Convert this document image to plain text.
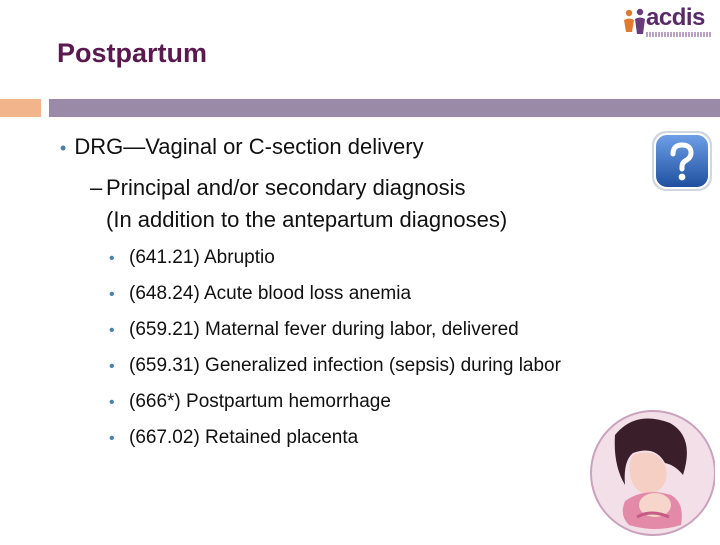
Postpartum
acdis
• DRG—Vaginal or C-section delivery
– Principal and/or secondary diagnosis
(In addition to the antepartum diagnoses)
• (641.21) Abruptio
• (648.24) Acute blood loss anemia
• (659.21) Maternal fever during labor, delivered
• (659.31) Generalized infection (sepsis) during labor
• (666*) Postpartum hemorrhage
• (667.02) Retained placenta
